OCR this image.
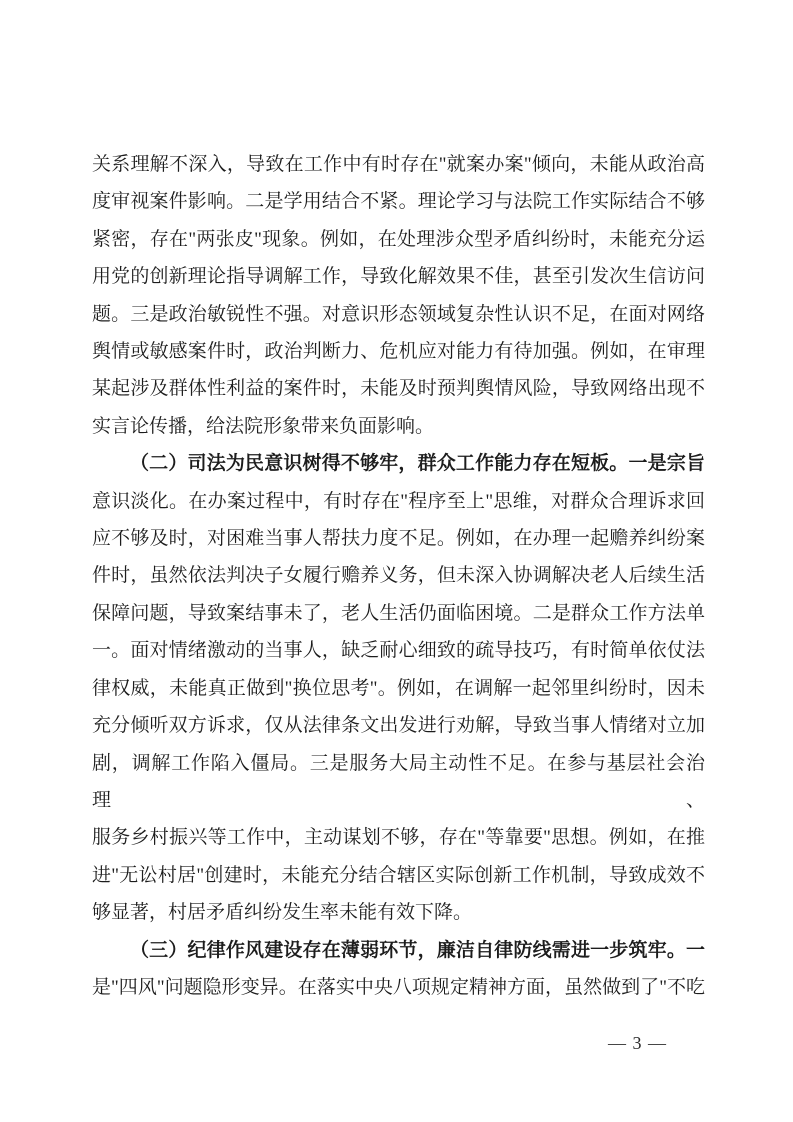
关系理解不深入，导致在工作中有时存在"就案办案"倾向，未能从政治高
度审视案件影响。二是学用结合不紧。理论学习与法院工作实际结合不够
紧密，存在"两张皮"现象。例如，在处理涉众型矛盾纠纷时，未能充分运
用党的创新理论指导调解工作，导致化解效果不佳，甚至引发次生信访问
题。三是政治敏锐性不强。对意识形态领域复杂性认识不足，在面对网络
舆情或敏感案件时，政治判断力、危机应对能力有待加强。例如，在审理
某起涉及群体性利益的案件时，未能及时预判舆情风险，导致网络出现不
实言论传播，给法院形象带来负面影响。
（二）司法为民意识树得不够牢，群众工作能力存在短板。一是宗旨
意识淡化。在办案过程中，有时存在"程序至上"思维，对群众合理诉求回
应不够及时，对困难当事人帮扶力度不足。例如，在办理一起赡养纠纷案
件时，虽然依法判决子女履行赡养义务，但未深入协调解决老人后续生活
保障问题，导致案结事未了，老人生活仍面临困境。二是群众工作方法单
一。面对情绪激动的当事人，缺乏耐心细致的疏导技巧，有时简单依仗法
律权威，未能真正做到"换位思考"。例如，在调解一起邻里纠纷时，因未
充分倾听双方诉求，仅从法律条文出发进行劝解，导致当事人情绪对立加
剧，调解工作陷入僵局。三是服务大局主动性不足。在参与基层社会治理、
服务乡村振兴等工作中，主动谋划不够，存在"等靠要"思想。例如，在推
进"无讼村居"创建时，未能充分结合辖区实际创新工作机制，导致成效不
够显著，村居矛盾纠纷发生率未能有效下降。
（三）纪律作风建设存在薄弱环节，廉洁自律防线需进一步筑牢。一
是"四风"问题隐形变异。在落实中央八项规定精神方面，虽然做到了"不吃
— 3 —
